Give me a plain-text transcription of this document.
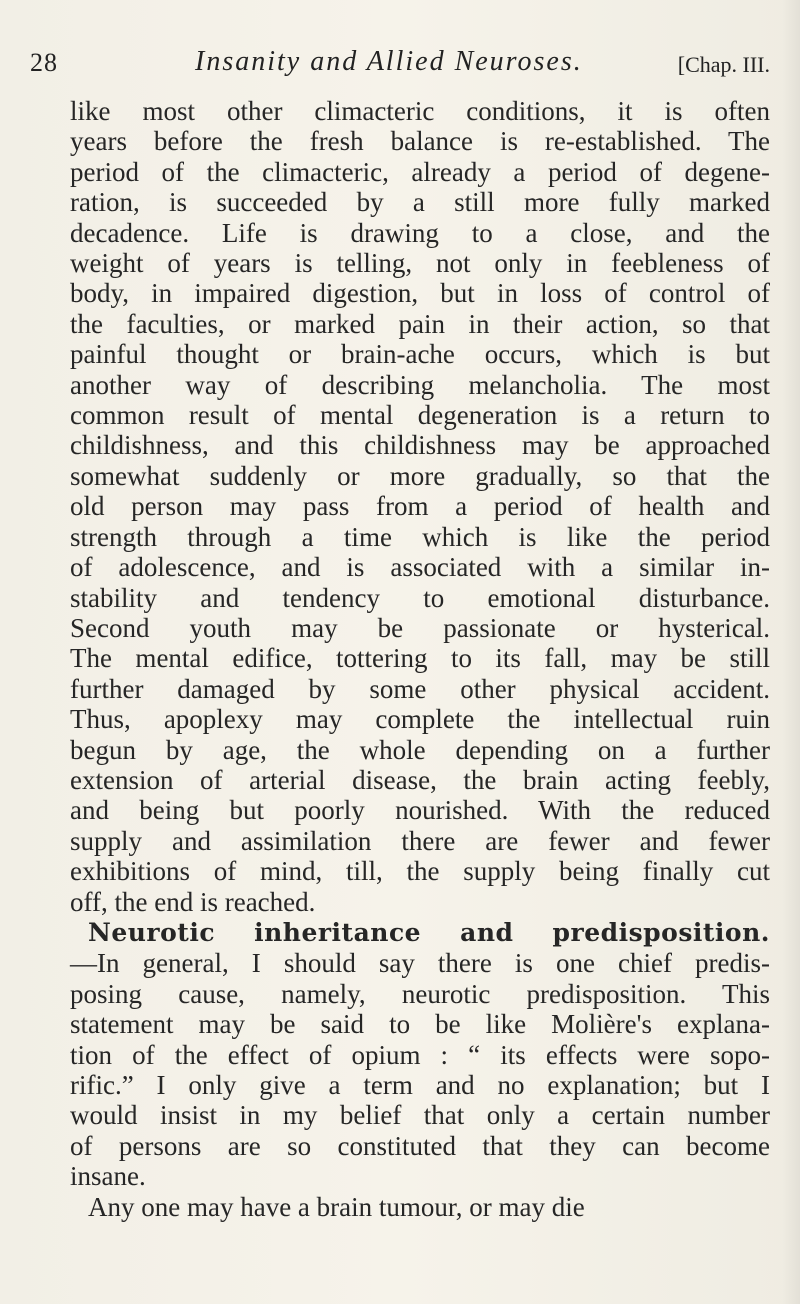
28	Insanity and Allied Neuroses.	[Chap. III.

like most other climacteric conditions, it is often

years before the fresh balance is re-established. The

period of the climacteric, already a period of degene-

ration, is succeeded by a still more fully marked

decadence. Life is drawing to a close, and the

weight of years is telling, not only in feebleness of

body, in impaired digestion, but in loss of control of

the faculties, or marked pain in their action, so that

painful thought or brain-ache occurs, which is but

another way of describing melancholia. The most

common result of mental degeneration is a return to

childishness, and this childishness may be approached

somewhat suddenly or more gradually, so that the

old person may pass from a period of health and

strength through a time which is like the period

of adolescence, and is associated with a similar in-

stability and tendency to emotional disturbance.

Second youth may be passionate or hysterical.

The mental edifice, tottering to its fall, may be still

further damaged by some other physical accident.

Thus, apoplexy may complete the intellectual ruin

begun by age, the whole depending on a further

extension of arterial disease, the brain acting feebly,

and being but poorly nourished. With the reduced

supply and assimilation there are fewer and fewer

exhibitions of mind, till, the supply being finally cut

off, the end is reached.

Neurotic inheritance and predisposition.

—In general, I should say there is one chief predis-

posing cause, namely, neurotic predisposition. This

statement may be said to be like Molière's explana-

tion of the effect of opium : “ its effects were sopo-

rific.” I only give a term and no explanation; but I

would insist in my belief that only a certain number

of persons are so constituted that they can become

insane.

Any one may have a brain tumour, or may die
